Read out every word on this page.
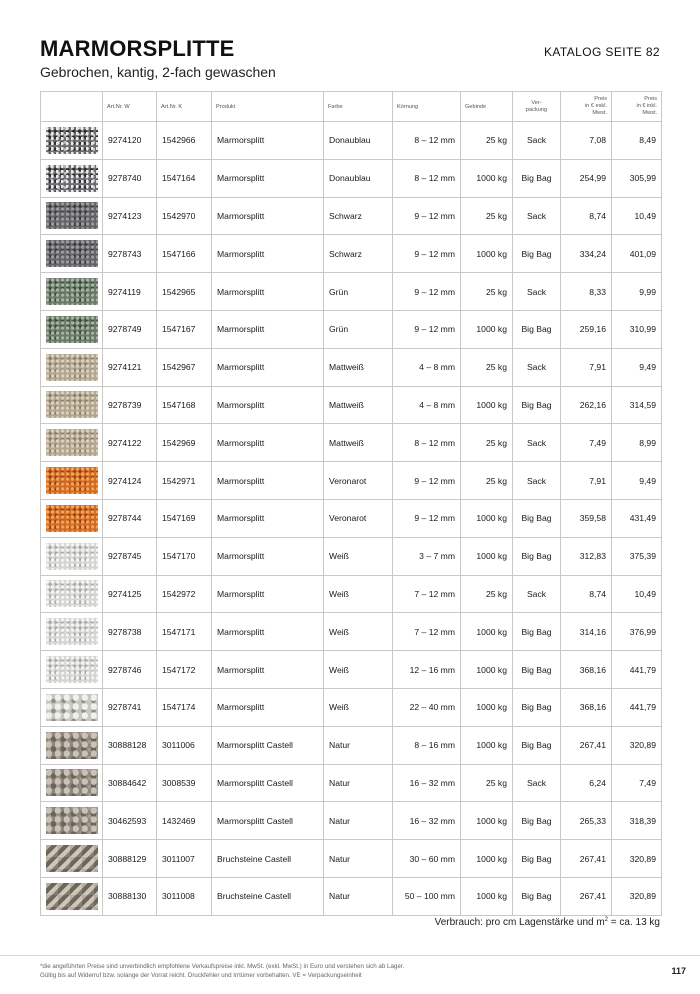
MARMORSPLITTE
Gebrochen, kantig, 2-fach gewaschen
KATALOG SEITE 82
	Art.Nr. W	Art.Nr. K	Produkt	Farbe	Körnung	Gebinde	Ver-
packung	Preis
in € exkl.
Mwst.	Preis
in € inkl.
Mwst.

	9274120	1542966	Marmorsplitt	Donaublau	8 – 12 mm	25 kg	Sack	7,08	8,49

	9278740	1547164	Marmorsplitt	Donaublau	8 – 12 mm	1000 kg	Big Bag	254,99	305,99

	9274123	1542970	Marmorsplitt	Schwarz	9 – 12 mm	25 kg	Sack	8,74	10,49

	9278743	1547166	Marmorsplitt	Schwarz	9 – 12 mm	1000 kg	Big Bag	334,24	401,09

	9274119	1542965	Marmorsplitt	Grün	9 – 12 mm	25 kg	Sack	8,33	9,99

	9278749	1547167	Marmorsplitt	Grün	9 – 12 mm	1000 kg	Big Bag	259,16	310,99

	9274121	1542967	Marmorsplitt	Mattweiß	4 – 8 mm	25 kg	Sack	7,91	9,49

	9278739	1547168	Marmorsplitt	Mattweiß	4 – 8 mm	1000 kg	Big Bag	262,16	314,59

	9274122	1542969	Marmorsplitt	Mattweiß	8 – 12 mm	25 kg	Sack	7,49	8,99

	9274124	1542971	Marmorsplitt	Veronarot	9 – 12 mm	25 kg	Sack	7,91	9,49

	9278744	1547169	Marmorsplitt	Veronarot	9 – 12 mm	1000 kg	Big Bag	359,58	431,49

	9278745	1547170	Marmorsplitt	Weiß	3 – 7 mm	1000 kg	Big Bag	312,83	375,39

	9274125	1542972	Marmorsplitt	Weiß	7 – 12 mm	25 kg	Sack	8,74	10,49

	9278738	1547171	Marmorsplitt	Weiß	7 – 12 mm	1000 kg	Big Bag	314,16	376,99

	9278746	1547172	Marmorsplitt	Weiß	12 – 16 mm	1000 kg	Big Bag	368,16	441,79

	9278741	1547174	Marmorsplitt	Weiß	22 – 40 mm	1000 kg	Big Bag	368,16	441,79

	30888128	3011006	Marmorsplitt Castell	Natur	8 – 16 mm	1000 kg	Big Bag	267,41	320,89

	30884642	3008539	Marmorsplitt Castell	Natur	16 – 32 mm	25 kg	Sack	6,24	7,49

	30462593	1432469	Marmorsplitt Castell	Natur	16 – 32 mm	1000 kg	Big Bag	265,33	318,39

	30888129	3011007	Bruchsteine Castell	Natur	30 – 60 mm	1000 kg	Big Bag	267,41	320,89

	30888130	3011008	Bruchsteine Castell	Natur	50 – 100 mm	1000 kg	Big Bag	267,41	320,89
Verbrauch: pro cm Lagenstärke und $m^2$ = ca. 13 kg
*die angeführten Preise sind unverbindlich empfohlene Verkaufspreise inkl. MwSt. (exkl. MwSt.) in Euro und verstehen sich ab Lager.
Gültig bis auf Widerruf bzw. solange der Vorrat reicht. Druckfehler und Irrtümer vorbehalten. VE = Verpackungseinheit	117
